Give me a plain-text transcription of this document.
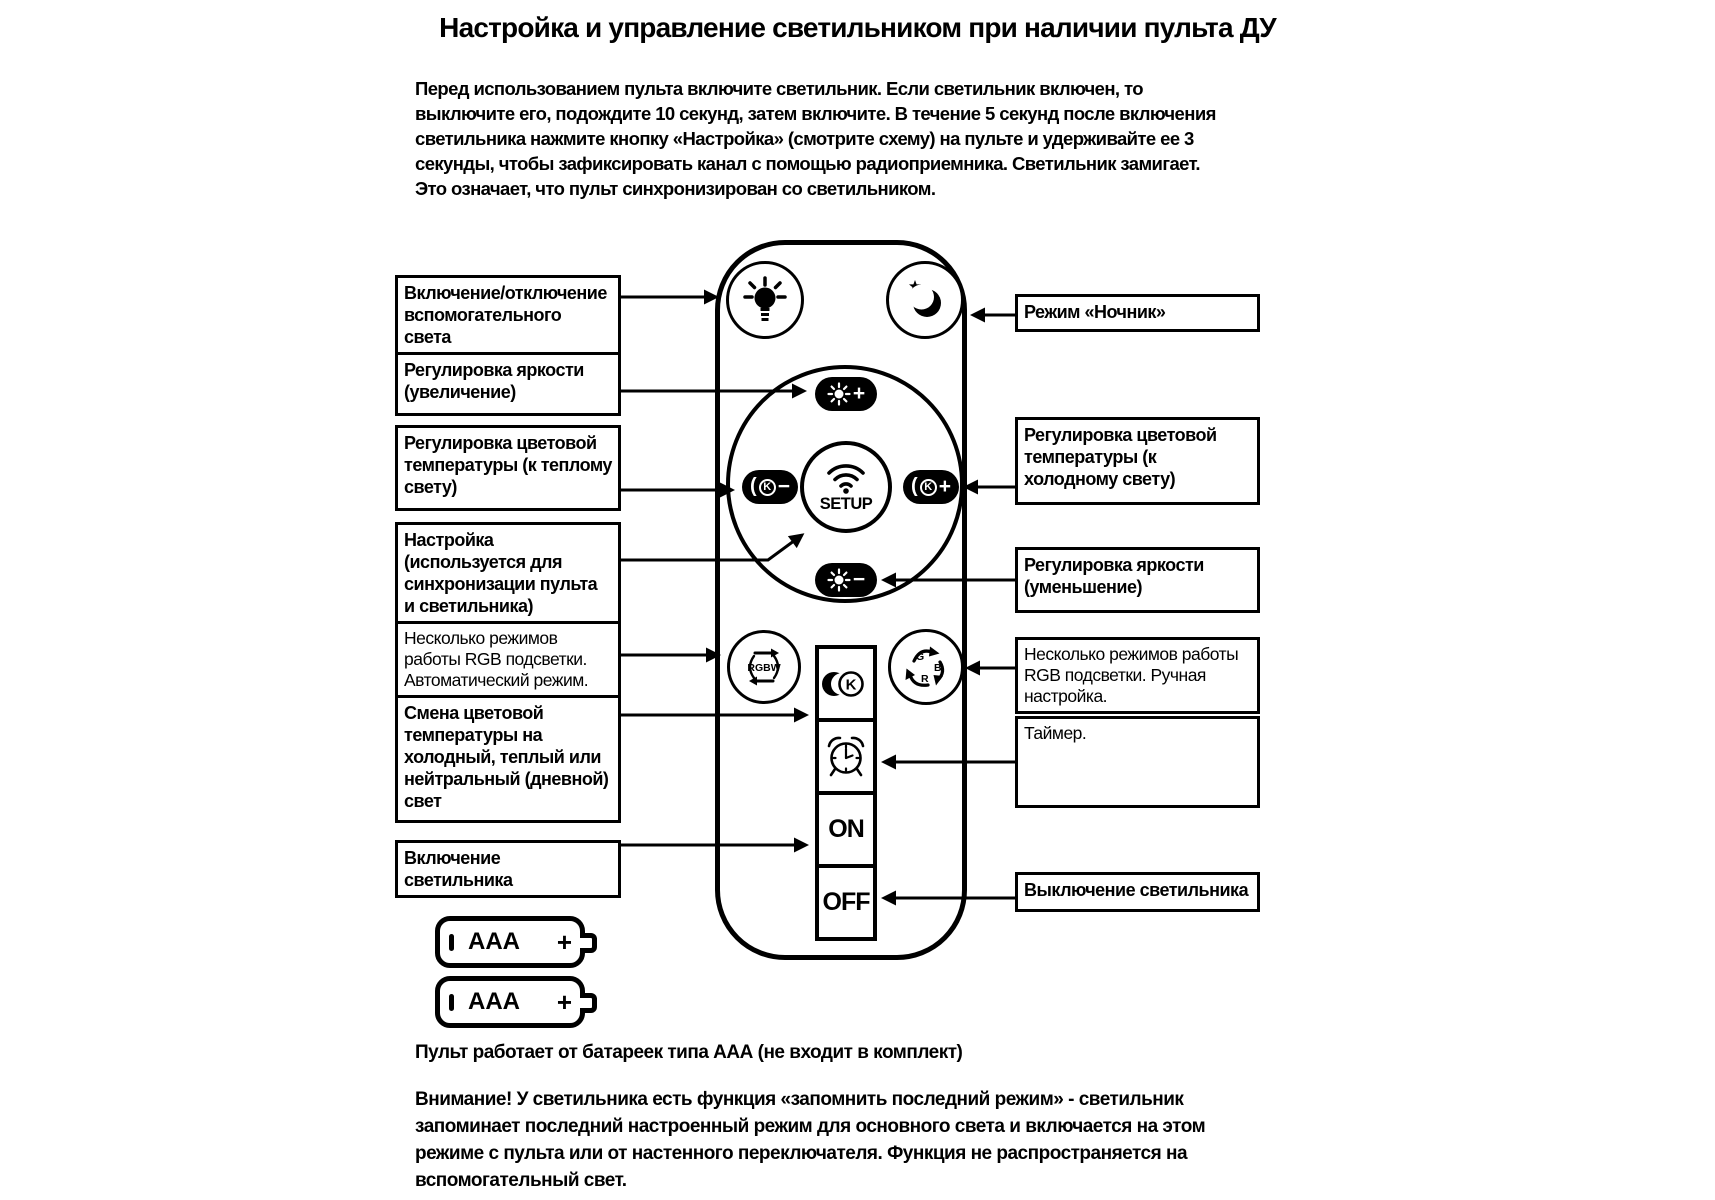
Настройка и управление светильником при наличии пульта ДУ
Перед использованием пульта включите светильник. Если светильник включен, то выключите его, подождите 10 секунд, затем включите. В течение 5 секунд после включения светильника нажмите кнопку «Настройка» (смотрите схему) на пульте и удерживайте ее 3 секунды, чтобы зафиксировать канал с помощью радиоприемника. Светильник замигает. Это означает, что пульт синхронизирован со светильником.
Включение/отключение вспомогательного света
Регулировка яркости (увеличение)
Регулировка цветовой температуры (к теплому свету)
Настройка (используется для синхронизации пульта и светильника)
Несколько режимов работы RGB подсветки. Автоматический режим.
Смена цветовой температуры на холодный, теплый или нейтральный (дневной) свет
Включение светильника
Режим «Ночник»
Регулировка цветовой температуры (к холодному свету)
Регулировка яркости (уменьшение)
Несколько режимов работы RGB подсветки. Ручная настройка.
Таймер.
Выключение светильника
+
( K −
SETUP
( K +
−
RGBW
K
ON
OFF
G
B
R
AAA +
AAA +
Пульт работает от батареек типа ААА (не входит в комплект)
Внимание! У светильника есть функция «запомнить последний режим» - светильник запоминает последний настроенный режим для основного света и включается на этом режиме с пульта или от настенного переключателя. Функция не распространяется на вспомогательный свет.
